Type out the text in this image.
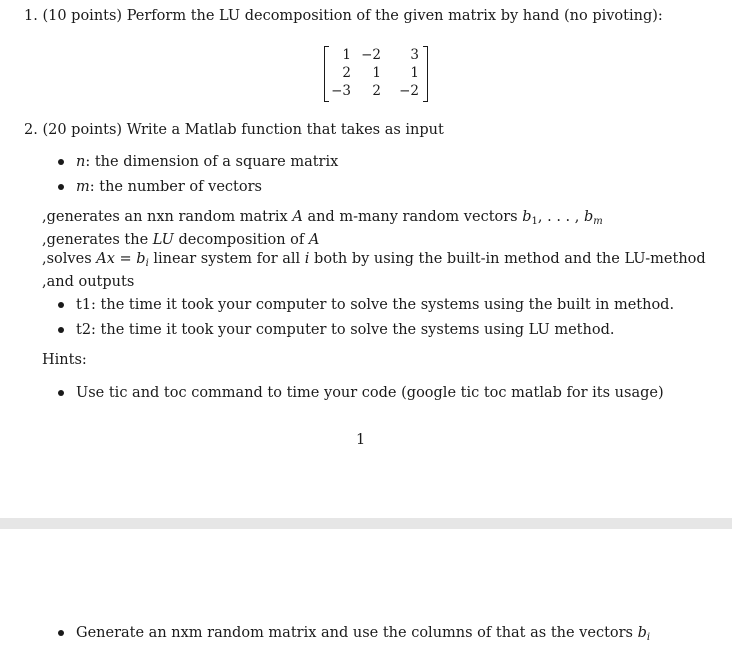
1. (10 points) Perform the LU decomposition of the given matrix by hand (no pivoting):
1	−2	3
2	1	1
−3	2	−2
2. (20 points) Write a Matlab function that takes as input
n: the dimension of a square matrix
m: the number of vectors
,generates an nxn random matrix A and m-many random vectors $b_1$, . . . , $b_m$
,generates the LU decomposition of A
,solves $Ax = b_i$ linear system for all i both by using the built-in method and the LU-method
,and outputs
t1: the time it took your computer to solve the systems using the built in method.
t2: the time it took your computer to solve the systems using LU method.
Hints:
Use tic and toc command to time your code (google tic toc matlab for its usage)
1
Generate an nxm random matrix and use the columns of that as the vectors $b_i$
